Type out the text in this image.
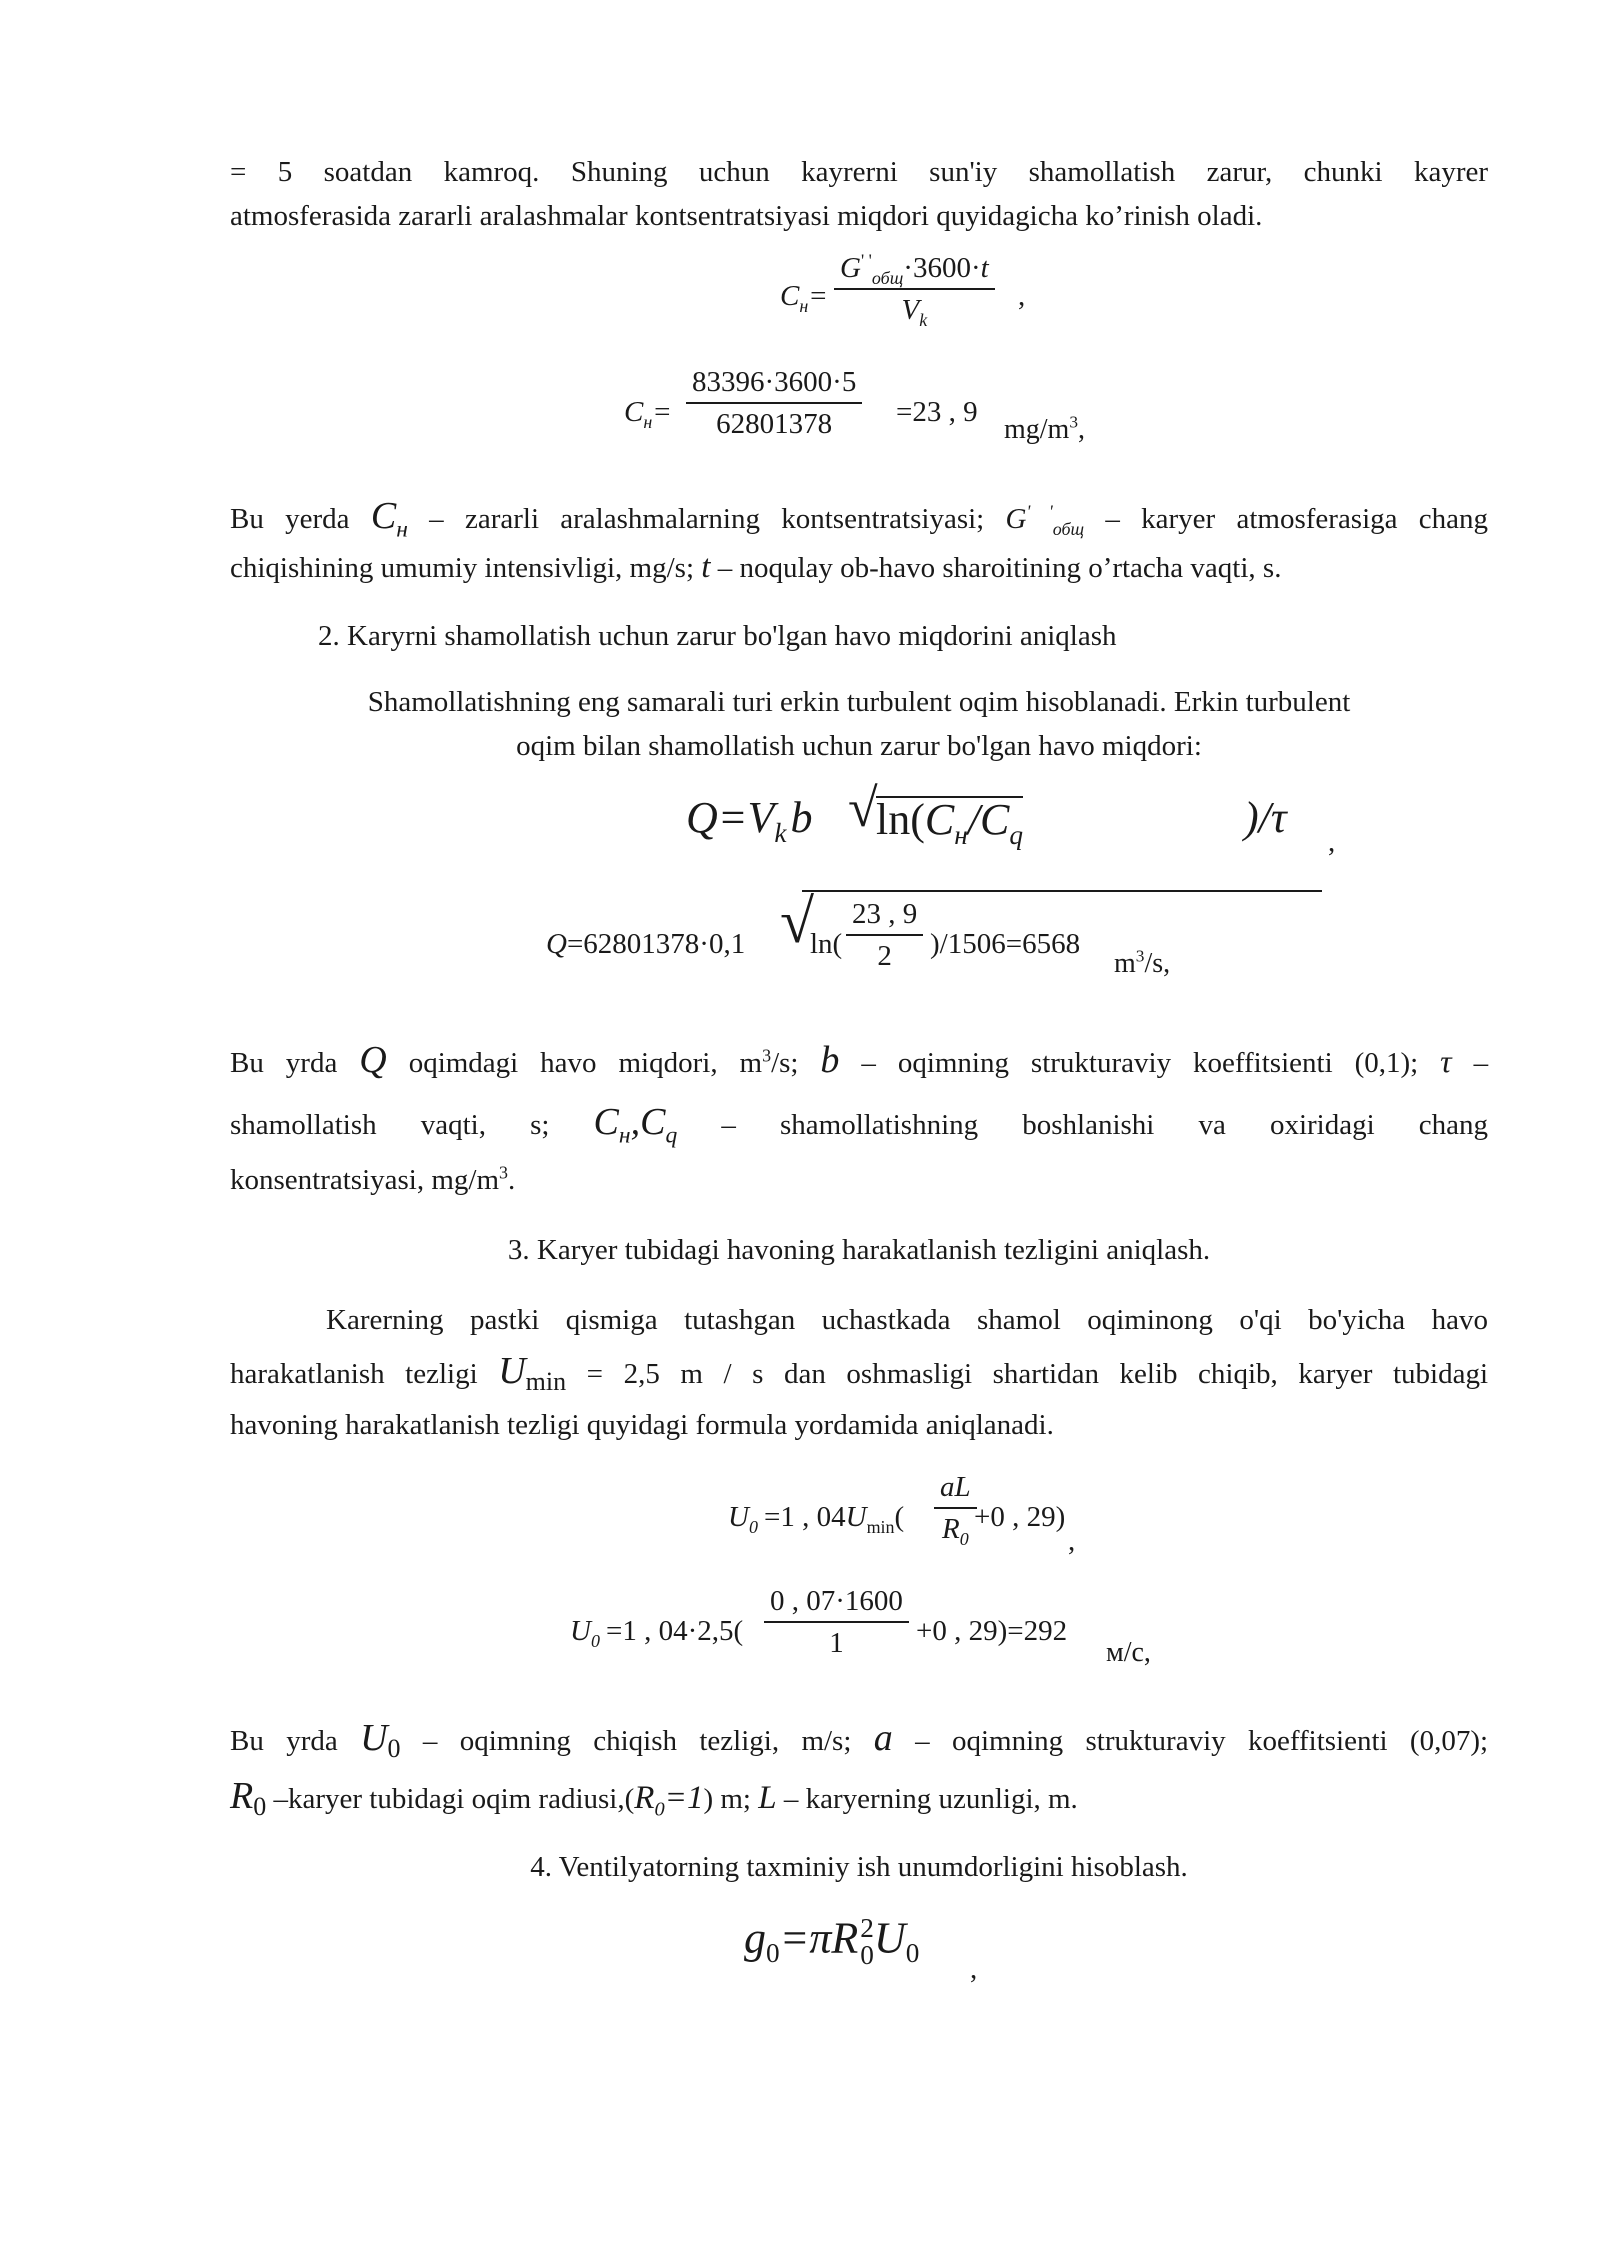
= 5 soatdan kamroq. Shuning uchun kayrerni sun'iy shamollatish zarur, chunki kayrer

atmosferasida zararli aralashmalar kontsentratsiyasi miqdori quyidagicha ko’rinish oladi.

$C_н=$
$G^{' '}_{общ}\cdot 3600\cdot t$
$V_k$
,
$C_н= \frac{83396\cdot 3600\cdot 5}{62801378} =23$ , 9
$mg/m^3$,

Bu yerda $C_н$ – zararli aralashmalarning kontsentratsiyasi; $G^{' '}_{общ}$ – karyer atmosferasiga chang

chiqishining umumiy intensivligi, mg/s; t – noqulay ob-havo sharoitining o’rtacha vaqti, s.

2. Karyrni shamollatish uchun zarur bo'lgan havo miqdorini aniqlash

Shamollatishning eng samarali turi erkin turbulent oqim hisoblanadi. Erkin turbulent

oqim bilan shamollatish uchun zarur bo'lgan havo miqdori:

$Q=V_kb$ √
$\ln(C_н/C_q$	)/τ ,
Q=62801378·0,1 √
$\ln( \frac{23 , 9}{2} )/1506=6568$
$m^3/s$,

Bu yrda Q oqimdagi havo miqdori, $m^3/s$; b – oqimning strukturaviy koeffitsienti (0,1); τ –

shamollatish vaqti, s; $C_н,C_q$ – shamollatishning boshlanishi va oxiridagi chang

konsentratsiyasi, $mg/m^3$.

3. Karyer tubidagi havoning harakatlanish tezligini aniqlash.

Karerning pastki qismiga tutashgan uchastkada shamol oqiminong o'qi bo'yicha havo

harakatlanish tezligi $U_{min} = 2,5$ m / s dan oshmasligi shartidan kelib chiqib, karyer tubidagi

havoning harakatlanish tezligi quyidagi formula yordamida aniqlanadi.

$U_0 =1$ , $04U_{min}( \frac{aL}{R_0}$
+0 , 29)
,
$U_0 =1$ , $04\cdot 2,5( \frac{0 , 07\cdot 1600}{1} +0$ , 29)=292
м/с,

Bu yrda $U_0$ – oqimning chiqish tezligi, m/s; a – oqimning strukturaviy koeffitsienti (0,07);

$R_0$ –karyer tubidagi oqim $radiusi,(R_0=1)$ m; L – karyerning uzunligi, m.

4. Ventilyatorning taxminiy ish unumdorligini hisoblash.

$g_0=\pi R$ 2
0 $U_0$ ,
